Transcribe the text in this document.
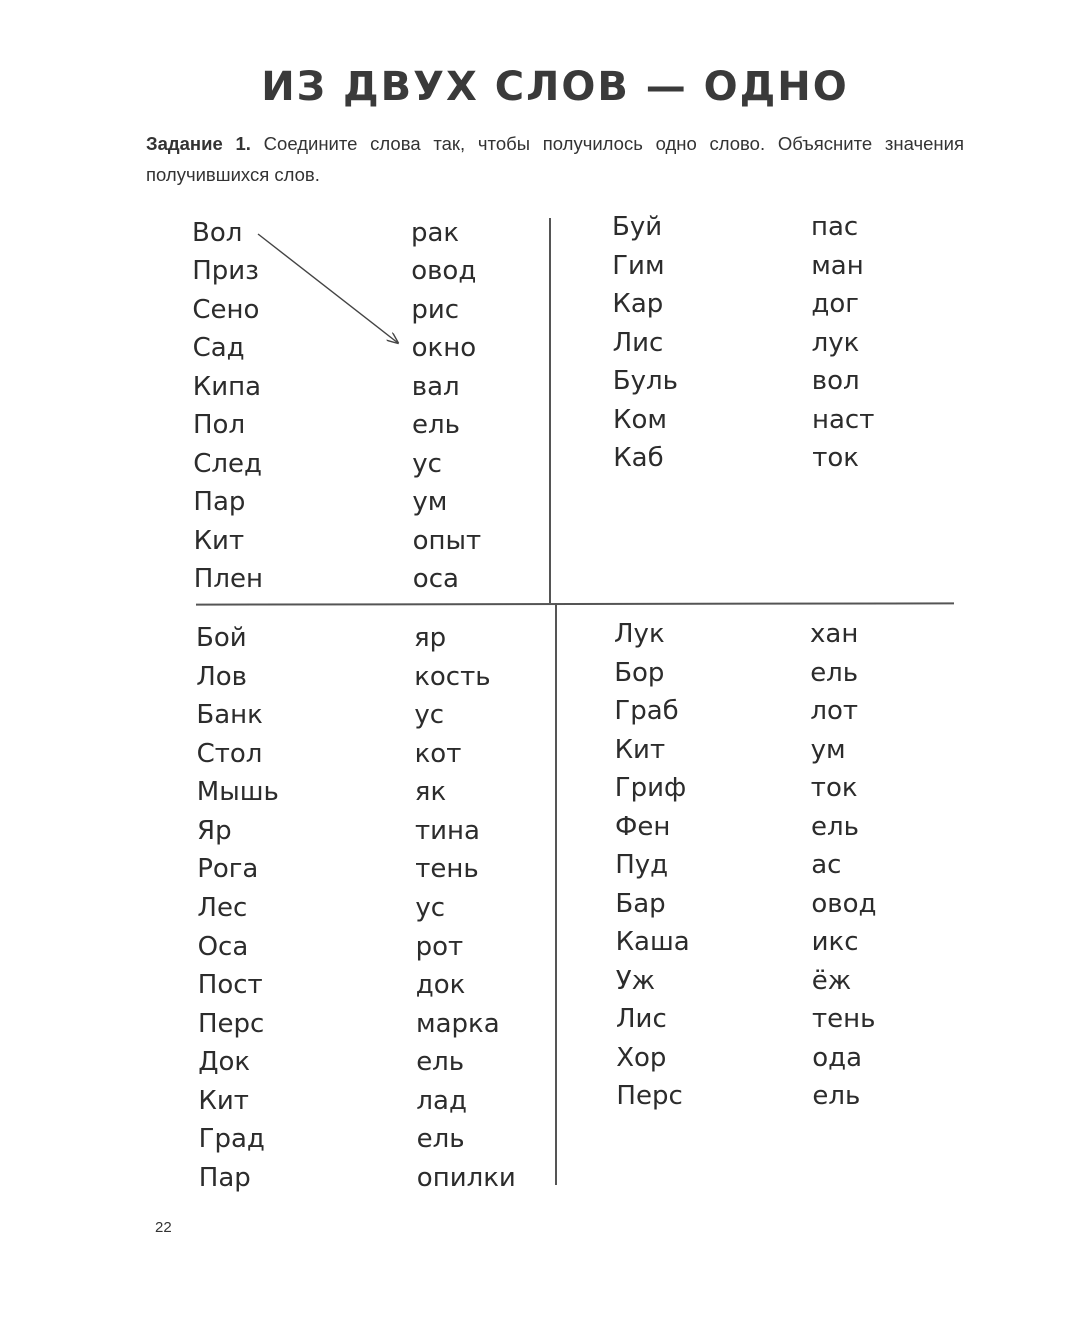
ИЗ ДВУХ СЛОВ — ОДНО
Задание 1. Соедините слова так, чтобы получилось одно слово. Объясните значения получившихся слов.
Вол
Приз
Сено
Сад
Кипа
Пол
След
Пар
Кит
Плен
рак
овод
рис
окно
вал
ель
ус
ум
опыт
оса
Буй
Гим
Кар
Лис
Буль
Ком
Каб
пас
ман
дог
лук
вол
наст
ток
Бой
Лов
Банк
Стол
Мышь
Яр
Рога
Лес
Оса
Пост
Перс
Док
Кит
Град
Пар
яр
кость
ус
кот
як
тина
тень
ус
рот
док
марка
ель
лад
ель
опилки
Лук
Бор
Граб
Кит
Гриф
Фен
Пуд
Бар
Каша
Уж
Лис
Хор
Перс
хан
ель
лот
ум
ток
ель
ас
овод
икс
ёж
тень
ода
ель
22
